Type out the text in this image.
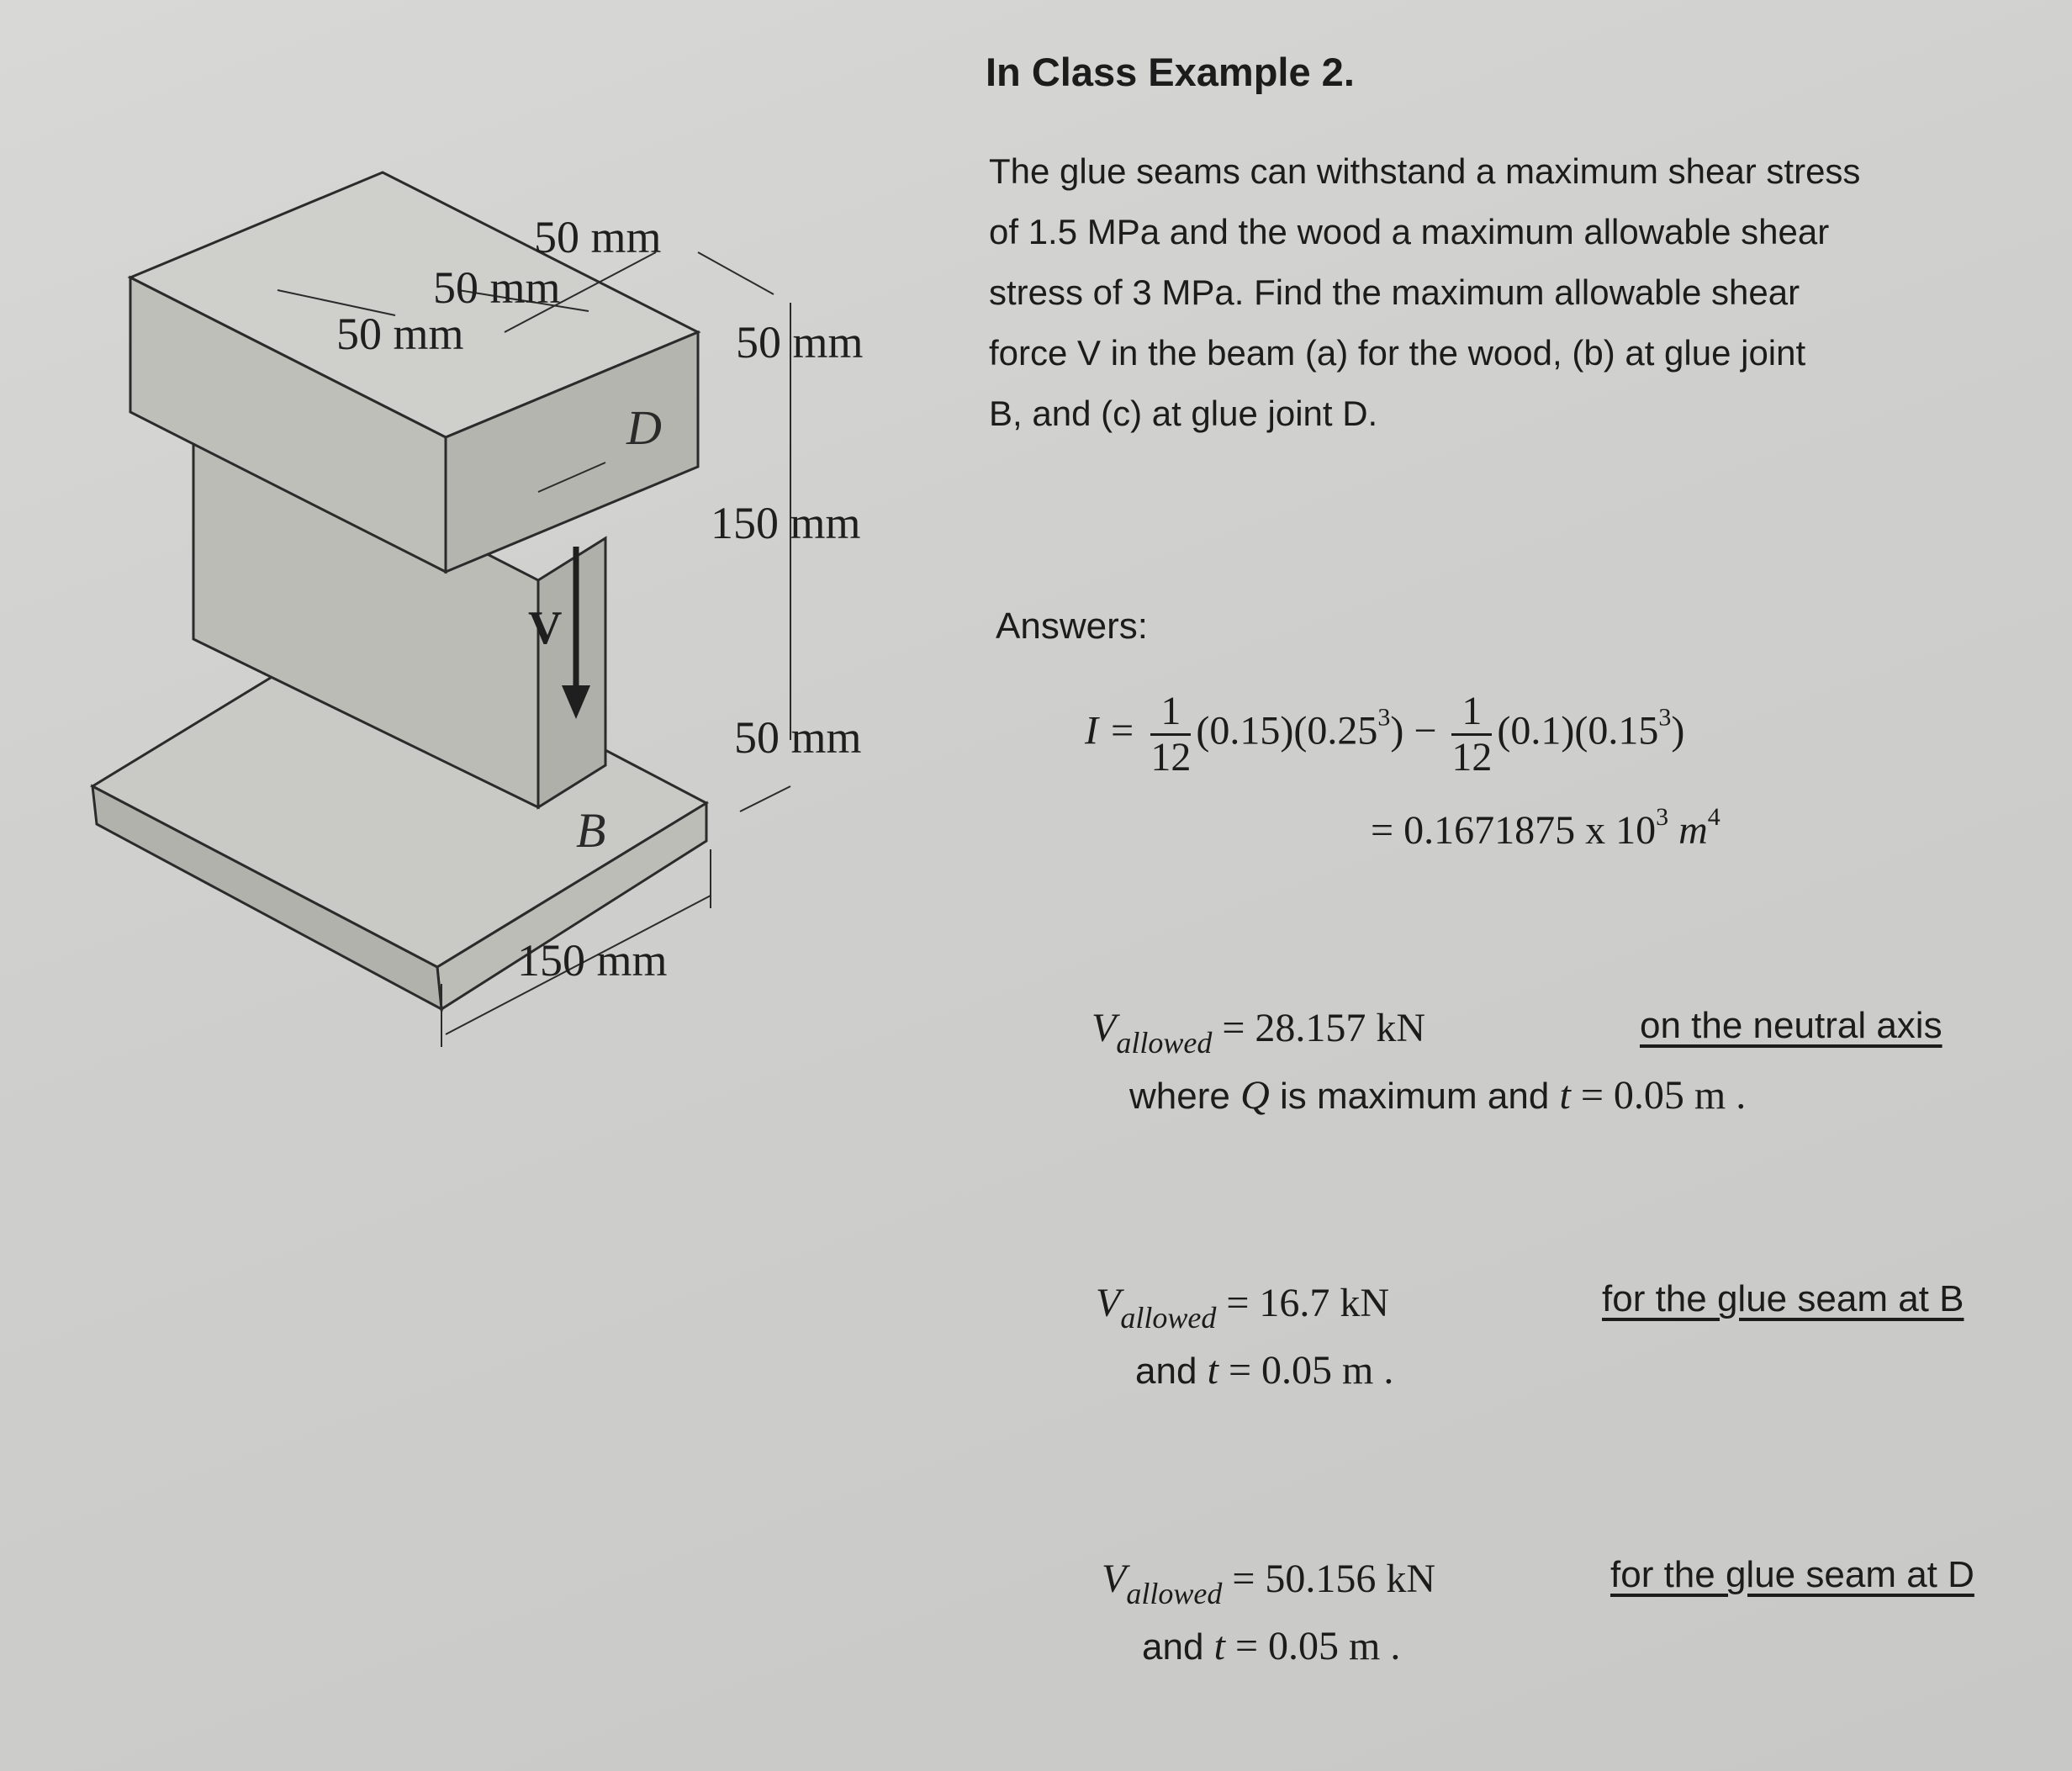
50 mm
50 mm
50 mm	50 mm
150 mm
50 mm
150 mm
D
B
V
In Class Example 2.
The glue seams can withstand a maximum shear stress
of 1.5 MPa and the wood a maximum allowable shear
stress of 3 MPa. Find the maximum allowable shear
force V in the beam (a) for the wood, (b) at glue joint
B, and (c) at glue joint D.
Answers:
$I = \frac{1}{12} (0.15)(0.25^3) - \frac{1}{12} (0.1)(0.15^3)$
= 0.1671875 x $10^3$ $m^4$
$V_{allowed} = 28.157$ kN	on the neutral axis
where Q is maximum and t = 0.05 m .
$V_{allowed} = 16.7$ kN	for the glue seam at B
and t = 0.05 m .
$V_{allowed} = 50.156$ kN	for the glue seam at D
and t = 0.05 m .
